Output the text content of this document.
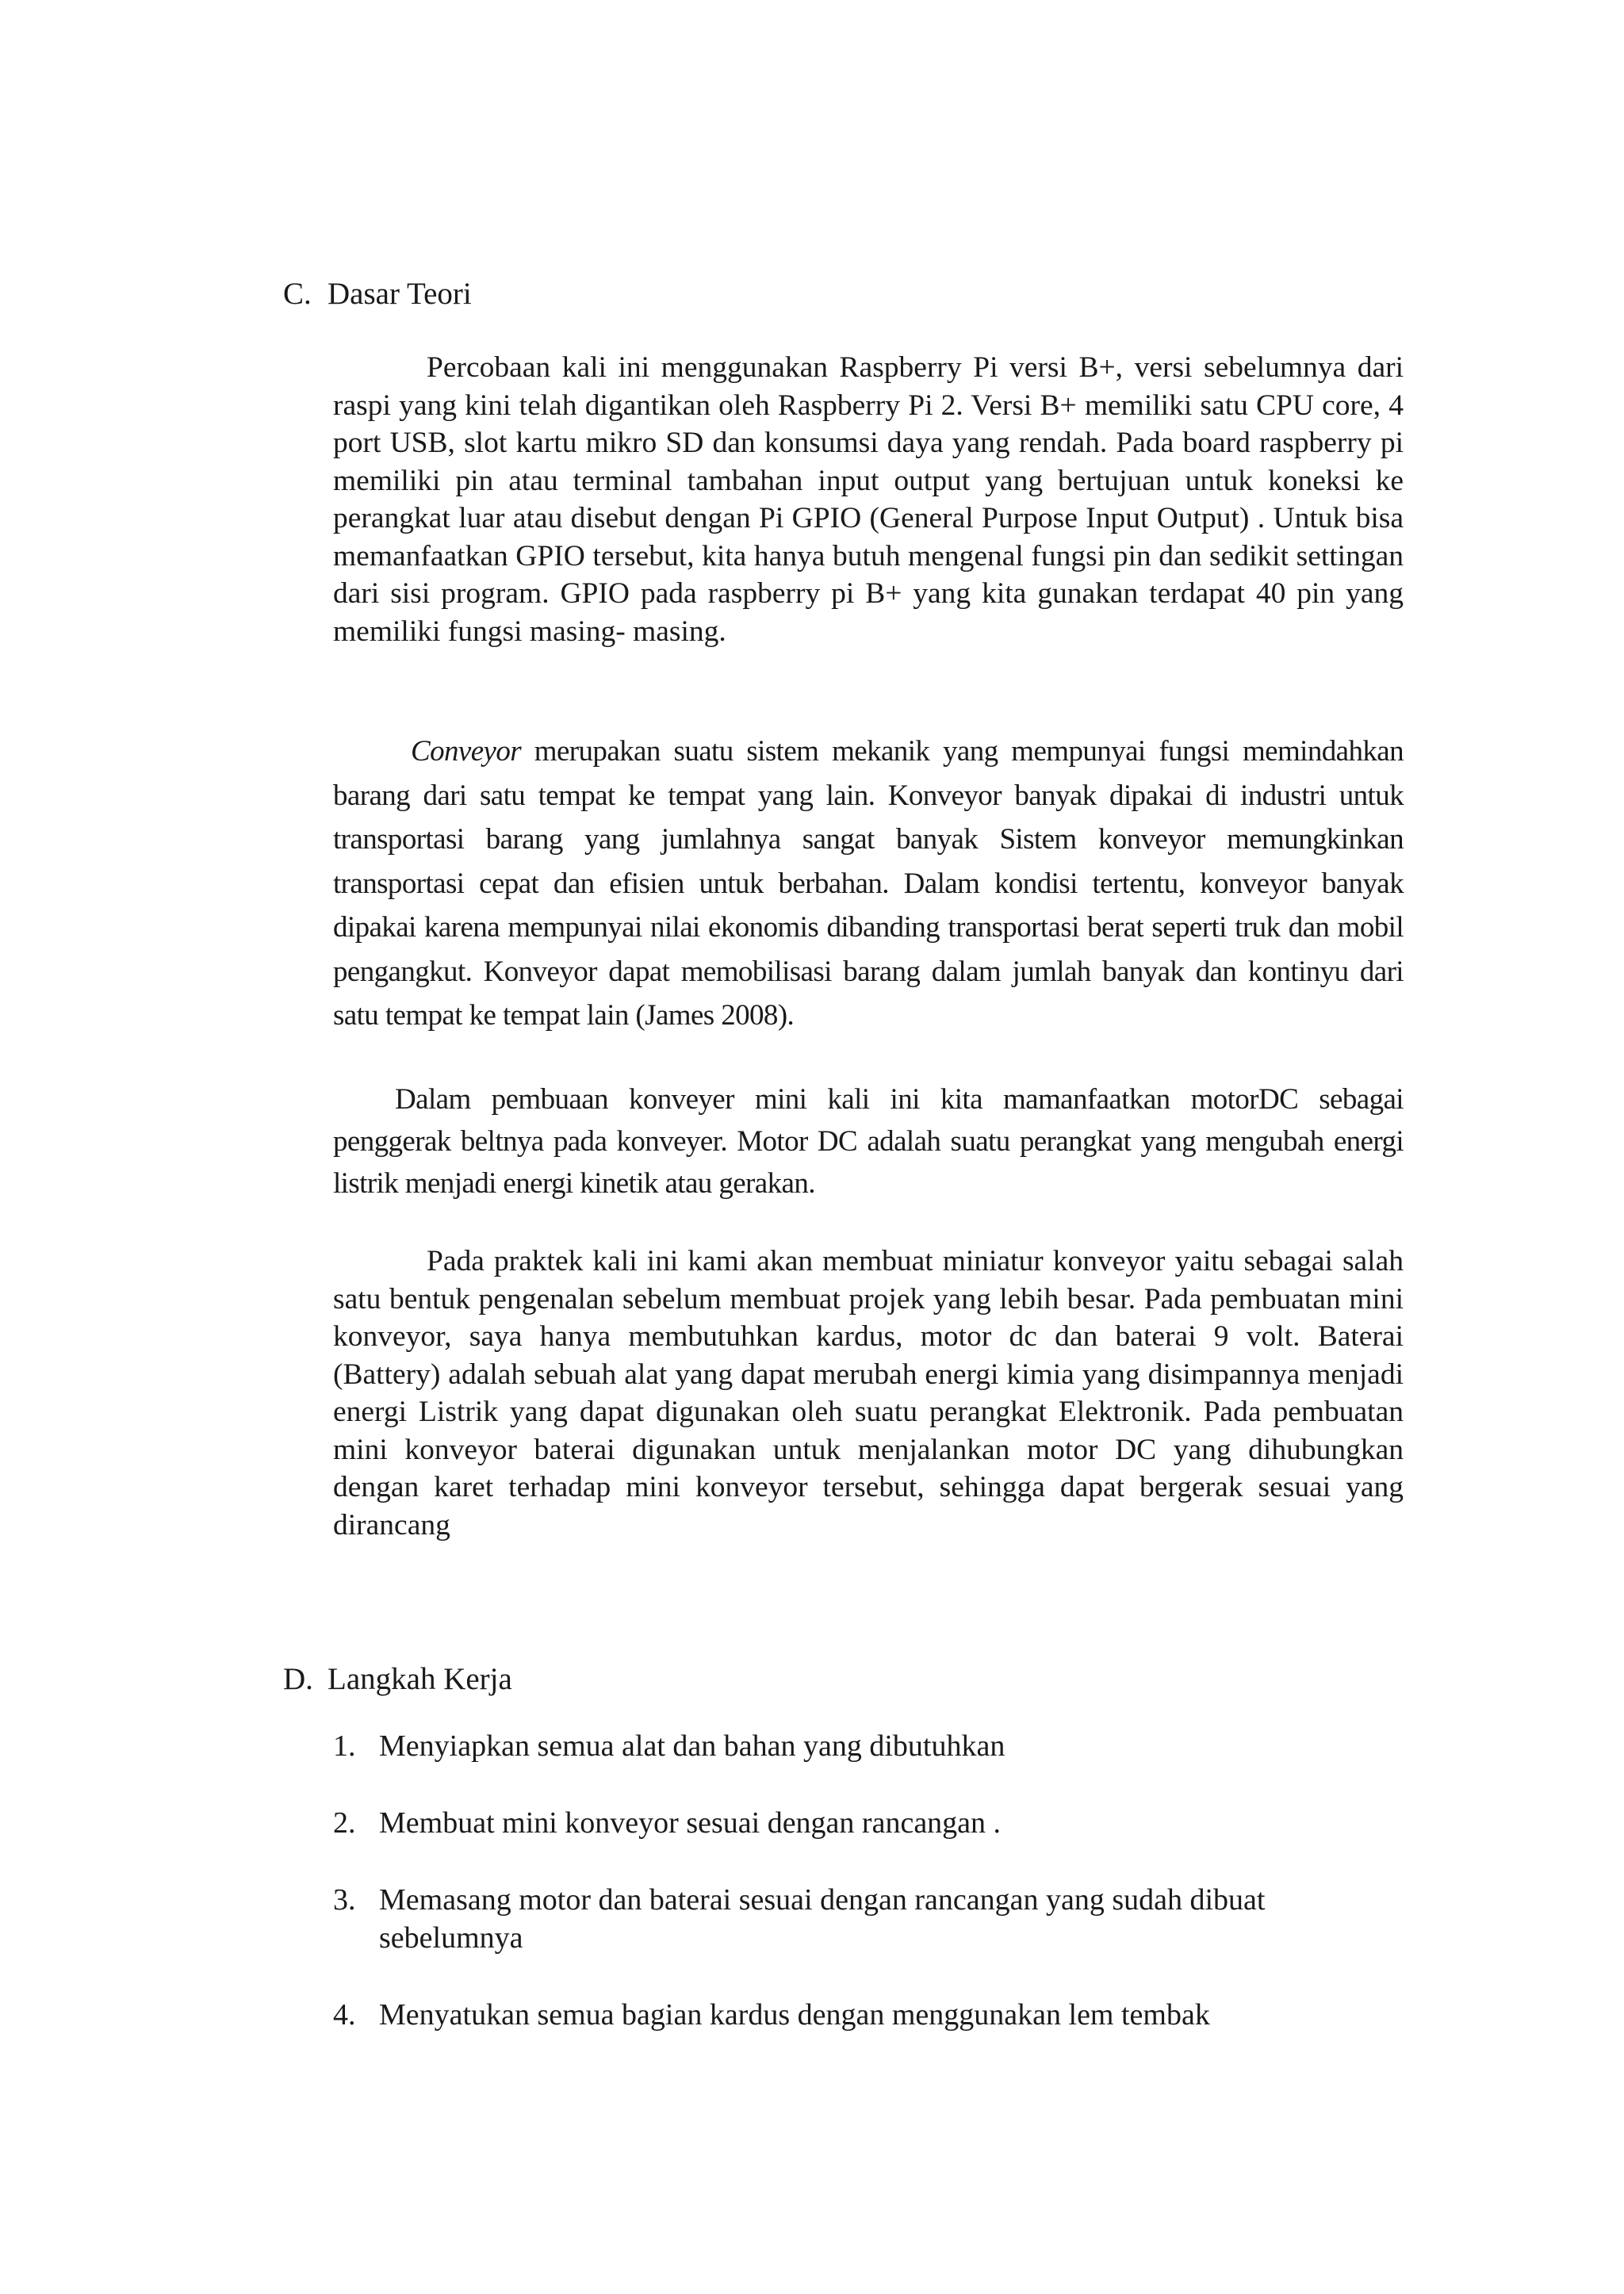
C. Dasar Teori

Percobaan kali ini menggunakan Raspberry Pi versi B+, versi sebelumnya dari raspi yang kini telah digantikan oleh Raspberry Pi 2. Versi B+ memiliki satu CPU core, 4 port USB, slot kartu mikro SD dan konsumsi daya yang rendah. Pada board raspberry pi memiliki pin atau terminal tambahan input output yang bertujuan untuk koneksi ke perangkat luar atau disebut dengan Pi GPIO (General Purpose Input Output) . Untuk bisa memanfaatkan GPIO tersebut, kita hanya butuh mengenal fungsi pin dan sedikit settingan dari sisi program. GPIO pada raspberry pi B+ yang kita gunakan terdapat 40 pin yang memiliki fungsi masing- masing.

Conveyor merupakan suatu sistem mekanik yang mempunyai fungsi memindahkan barang dari satu tempat ke tempat yang lain. Konveyor banyak dipakai di industri untuk transportasi barang yang jumlahnya sangat banyak Sistem konveyor memungkinkan transportasi cepat dan efisien untuk berbahan. Dalam kondisi tertentu, konveyor banyak dipakai karena mempunyai nilai ekonomis dibanding transportasi berat seperti truk dan mobil pengangkut. Konveyor dapat memobilisasi barang dalam jumlah banyak dan kontinyu dari satu tempat ke tempat lain (James 2008).

Dalam pembuaan konveyer mini kali ini kita mamanfaatkan motorDC sebagai penggerak beltnya pada konveyer. Motor DC adalah suatu perangkat yang mengubah energi listrik menjadi energi kinetik atau gerakan.

Pada praktek kali ini kami akan membuat miniatur konveyor yaitu sebagai salah satu bentuk pengenalan sebelum membuat projek yang lebih besar. Pada pembuatan mini konveyor, saya hanya membutuhkan kardus, motor dc dan baterai 9 volt. Baterai (Battery) adalah sebuah alat yang dapat merubah energi kimia yang disimpannya menjadi energi Listrik yang dapat digunakan oleh suatu perangkat Elektronik. Pada pembuatan mini konveyor baterai digunakan untuk menjalankan motor DC yang dihubungkan dengan karet terhadap mini konveyor tersebut, sehingga dapat bergerak sesuai yang dirancang

D. Langkah Kerja
1. Menyiapkan semua alat dan bahan yang dibutuhkan
2. Membuat mini konveyor sesuai dengan rancangan .
3. Memasang motor dan baterai sesuai dengan rancangan yang sudah dibuat sebelumnya
4. Menyatukan semua bagian kardus dengan menggunakan lem tembak
